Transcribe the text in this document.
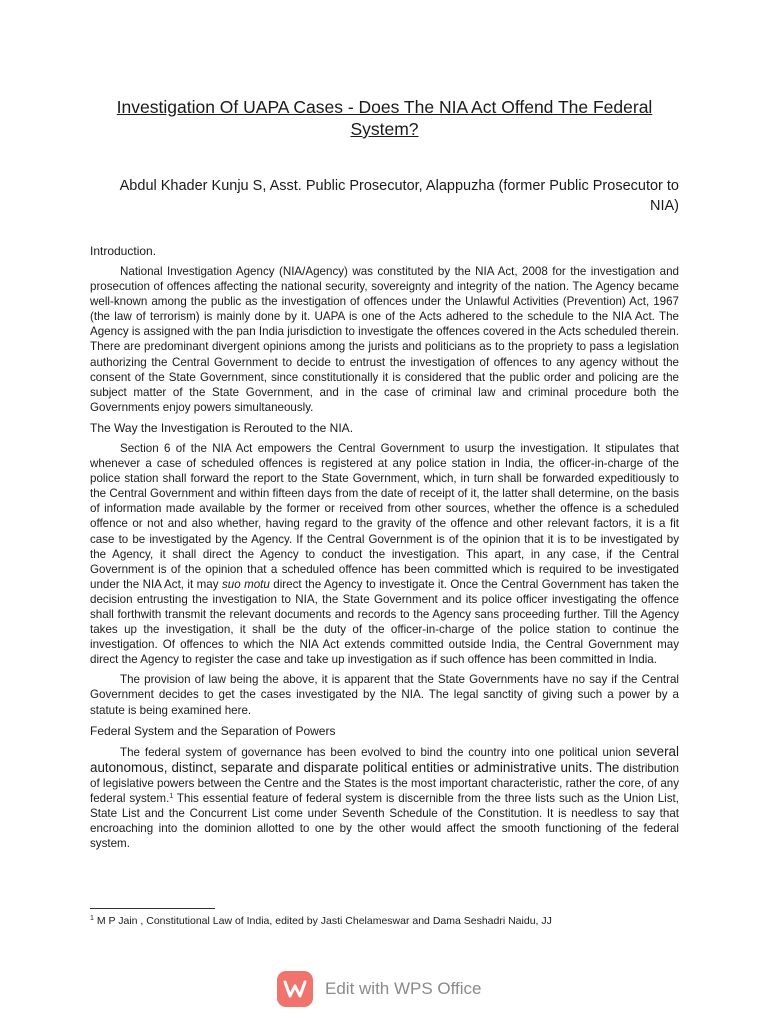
Investigation Of UAPA Cases - Does The NIA Act Offend The Federal System?
Abdul Khader Kunju S, Asst. Public Prosecutor, Alappuzha (former Public Prosecutor to NIA)
Introduction.

National Investigation Agency (NIA/Agency) was constituted by the NIA Act, 2008 for the investigation and prosecution of offences affecting the national security, sovereignty and integrity of the nation. The Agency became well-known among the public as the investigation of offences under the Unlawful Activities (Prevention) Act, 1967 (the law of terrorism) is mainly done by it. UAPA is one of the Acts adhered to the schedule to the NIA Act. The Agency is assigned with the pan India jurisdiction to investigate the offences covered in the Acts scheduled therein. There are predominant divergent opinions among the jurists and politicians as to the propriety to pass a legislation authorizing the Central Government to decide to entrust the investigation of offences to any agency without the consent of the State Government, since constitutionally it is considered that the public order and policing are the subject matter of the State Government, and in the case of criminal law and criminal procedure both the Governments enjoy powers simultaneously.

The Way the Investigation is Rerouted to the NIA.

Section 6 of the NIA Act empowers the Central Government to usurp the investigation. It stipulates that whenever a case of scheduled offences is registered at any police station in India, the officer-in-charge of the police station shall forward the report to the State Government, which, in turn shall be forwarded expeditiously to the Central Government and within fifteen days from the date of receipt of it, the latter shall determine, on the basis of information made available by the former or received from other sources, whether the offence is a scheduled offence or not and also whether, having regard to the gravity of the offence and other relevant factors, it is a fit case to be investigated by the Agency. If the Central Government is of the opinion that it is to be investigated by the Agency, it shall direct the Agency to conduct the investigation. This apart, in any case, if the Central Government is of the opinion that a scheduled offence has been committed which is required to be investigated under the NIA Act, it may suo motu direct the Agency to investigate it. Once the Central Government has taken the decision entrusting the investigation to NIA, the State Government and its police officer investigating the offence shall forthwith transmit the relevant documents and records to the Agency sans proceeding further. Till the Agency takes up the investigation, it shall be the duty of the officer-in-charge of the police station to continue the investigation. Of offences to which the NIA Act extends committed outside India, the Central Government may direct the Agency to register the case and take up investigation as if such offence has been committed in India.

The provision of law being the above, it is apparent that the State Governments have no say if the Central Government decides to get the cases investigated by the NIA. The legal sanctity of giving such a power by a statute is being examined here.

Federal System and the Separation of Powers

The federal system of governance has been evolved to bind the country into one political union several autonomous, distinct, separate and disparate political entities or administrative units. The distribution of legislative powers between the Centre and the States is the most important characteristic, rather the core, of any federal system.$^1$ This essential feature of federal system is discernible from the three lists such as the Union List, State List and the Concurrent List come under Seventh Schedule of the Constitution. It is needless to say that encroaching into the dominion allotted to one by the other would affect the smooth functioning of the federal system.

$^1$ M P Jain , Constitutional Law of India, edited by Jasti Chelameswar and Dama Seshadri Naidu, JJ
Edit with WPS Office
